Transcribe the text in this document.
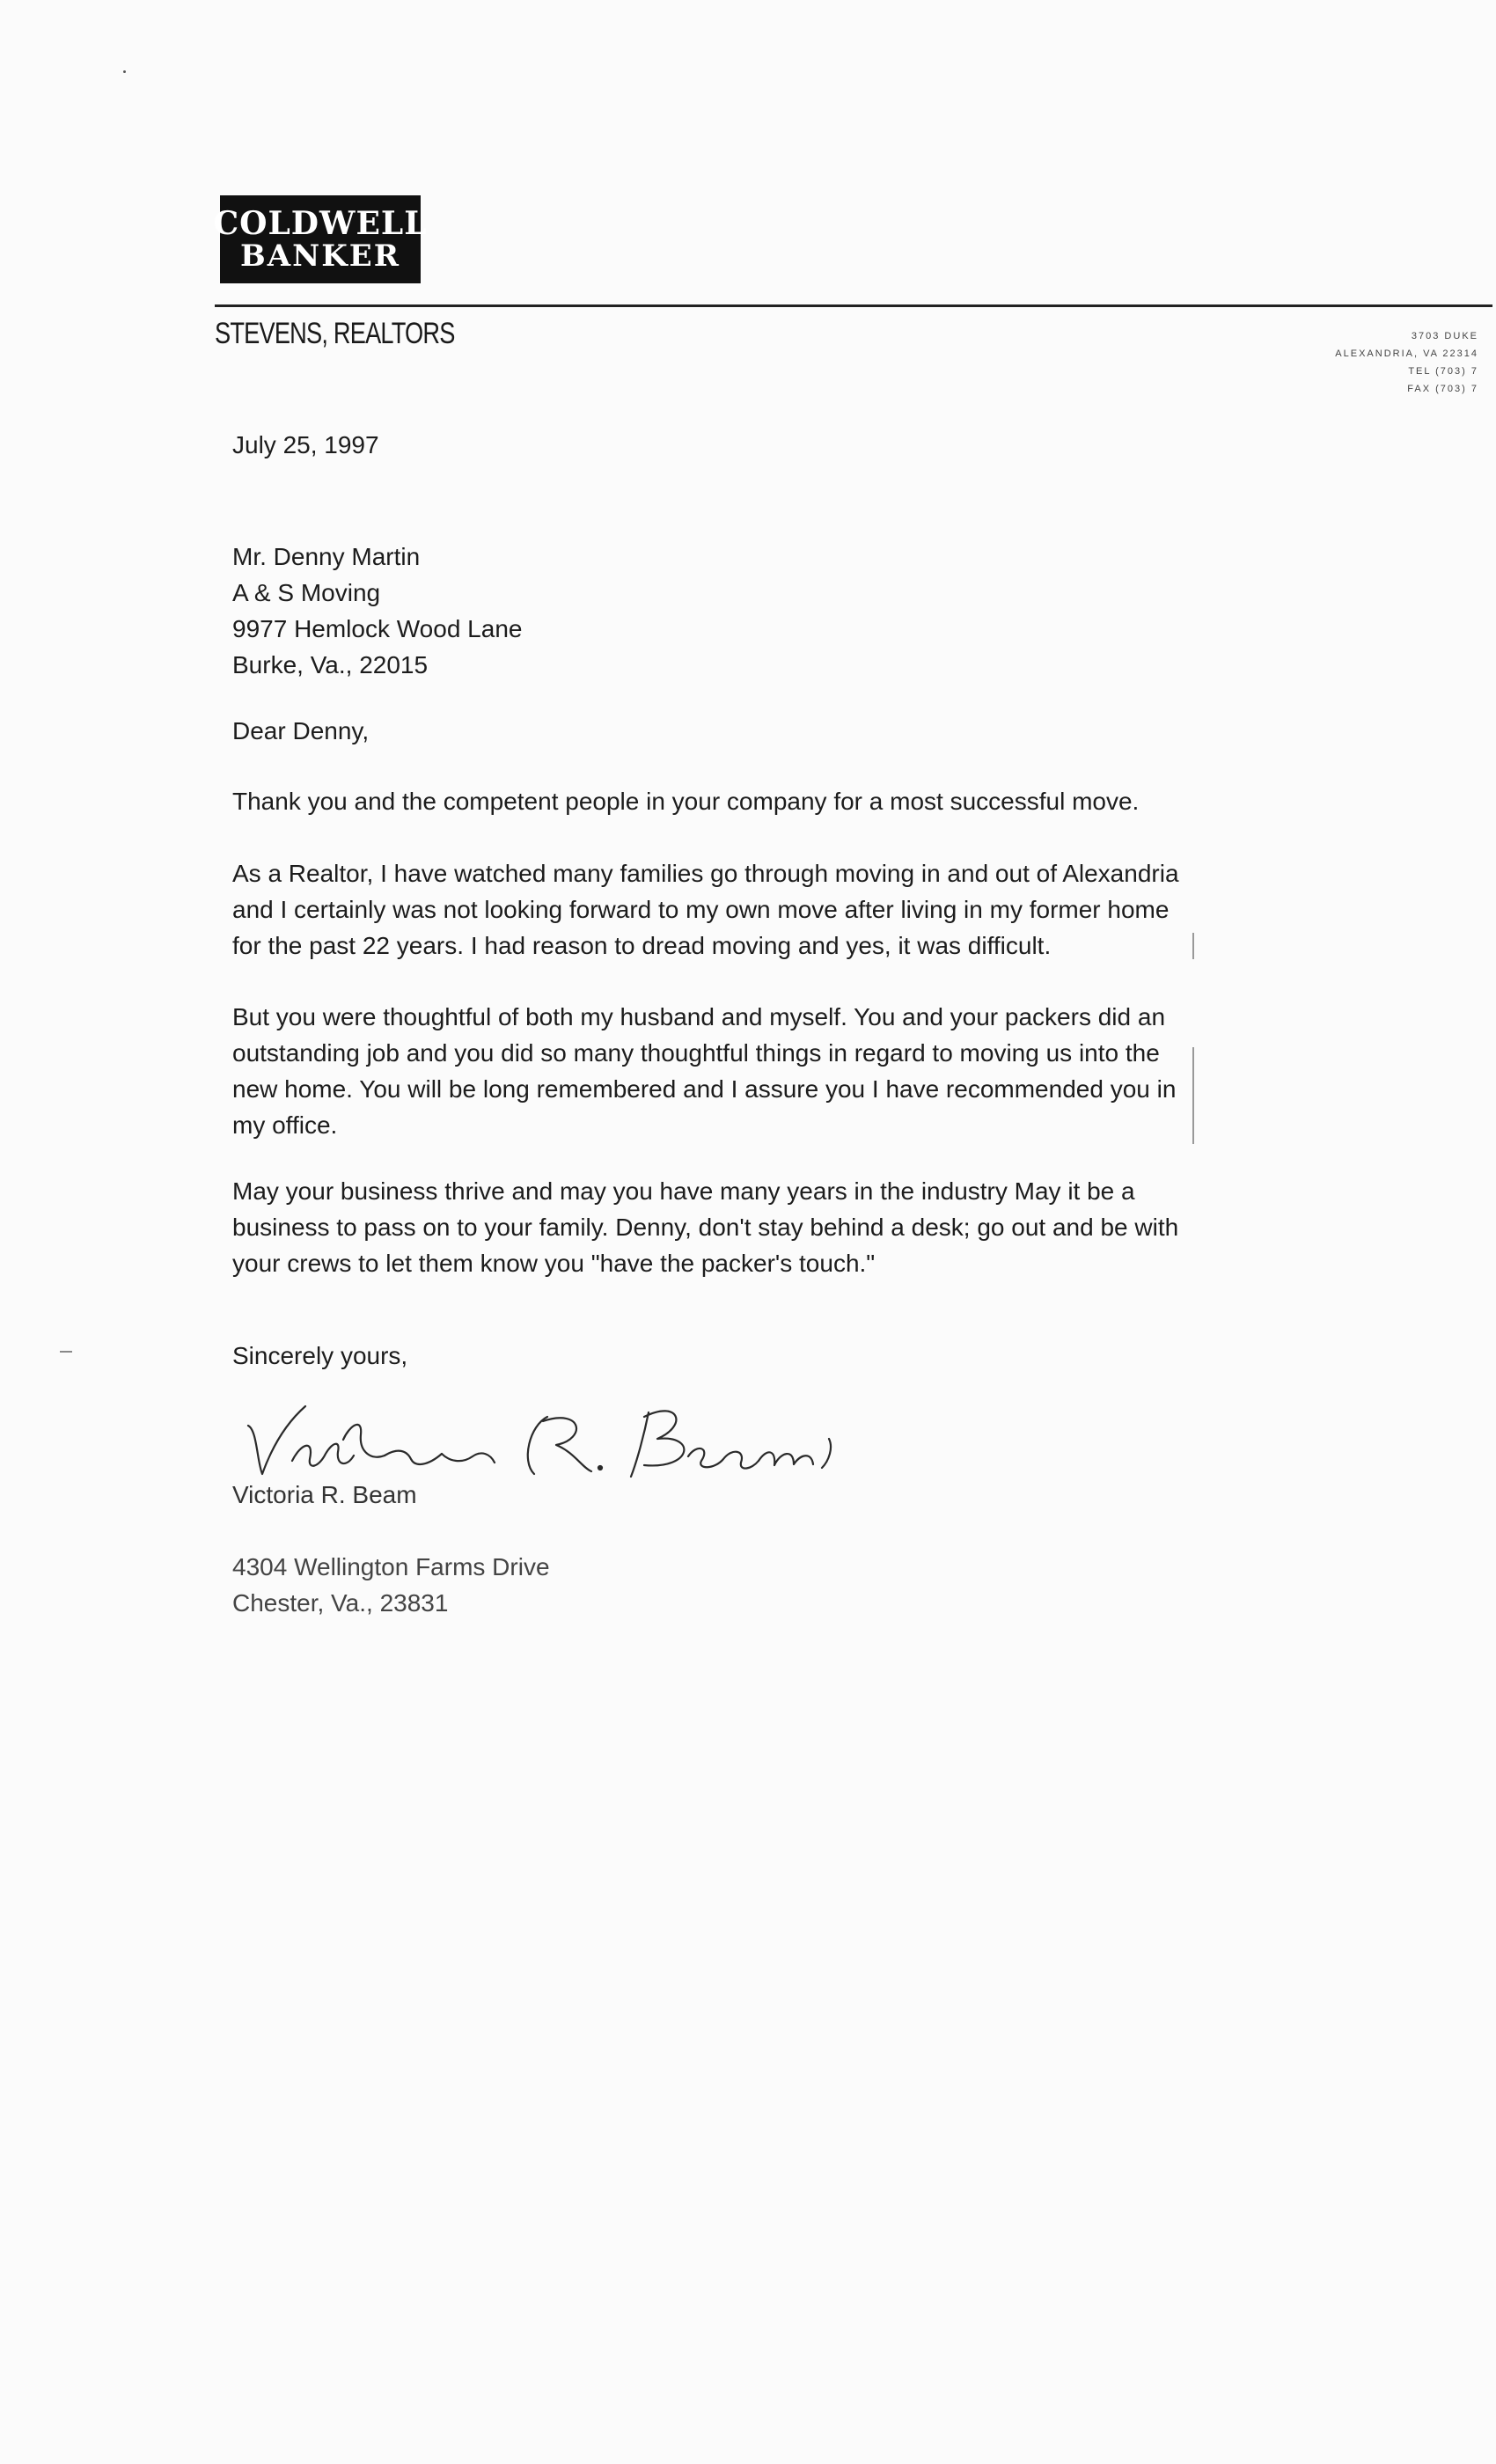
COLDWELL
BANKER
STEVENS, REALTORS	3703 DUKE
ALEXANDRIA, VA 22314
TEL (703) 7
FAX (703) 7
July 25, 1997
Mr. Denny Martin
A & S Moving
9977 Hemlock Wood Lane
Burke, Va., 22015
Dear Denny,
Thank you and the competent people in your company for a most successful move.
As a Realtor, I have watched many families go through moving in and out of Alexandria
and I certainly was not looking forward to my own move after living in my former home
for the past 22 years. I had reason to dread moving and yes, it was difficult.
But you were thoughtful of both my husband and myself. You and your packers did an
outstanding job and you did so many thoughtful things in regard to moving us into the
new home. You will be long remembered and I assure you I have recommended you in
my office.
May your business thrive and may you have many years in the industry May it be a
business to pass on to your family. Denny, don't stay behind a desk; go out and be with
your crews to let them know you "have the packer's touch."
Sincerely yours,
Victoria R. Beam
4304 Wellington Farms Drive
Chester, Va., 23831
